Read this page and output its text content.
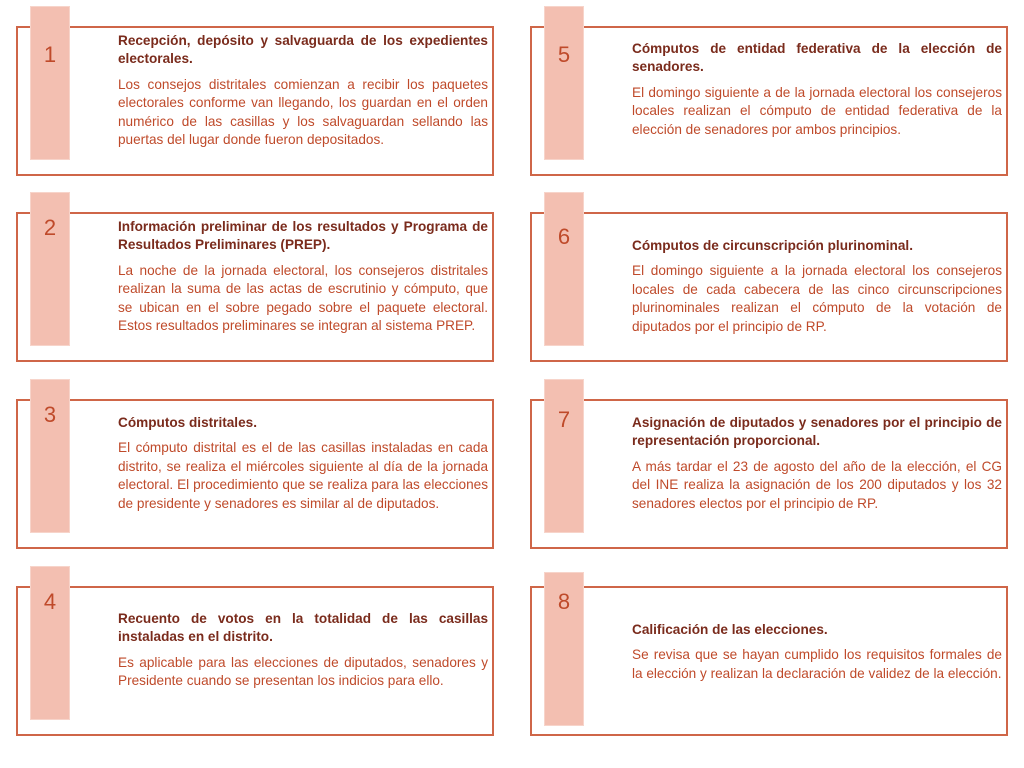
1

Recepción, depósito y salvaguarda de los expedientes electorales.

Los consejos distritales comienzan a recibir los paquetes electorales conforme van llegando, los guardan en el orden numérico de las casillas y los salvaguardan sellando las puertas del lugar donde fueron depositados.

2	Información preliminar de los resultados y Programa de Resultados Preliminares (PREP).

La noche de la jornada electoral, los consejeros distritales realizan la suma de las actas de escrutinio y cómputo, que se ubican en el sobre pegado sobre el paquete electoral. Estos resultados preliminares se integran al sistema PREP.

3	Cómputos distritales.

El cómputo distrital es el de las casillas instaladas en cada distrito, se realiza el miércoles siguiente al día de la jornada electoral. El procedimiento que se realiza para las elecciones de presidente y senadores es similar al de diputados.

4

Recuento de votos en la totalidad de las casillas instaladas en el distrito.

Es aplicable para las elecciones de diputados, senadores y Presidente cuando se presentan los indicios para ello.

5	Cómputos de entidad federativa de la elección de senadores.

El domingo siguiente a de la jornada electoral los consejeros locales realizan el cómputo de entidad federativa de la elección de senadores por ambos principios.

6	Cómputos de circunscripción plurinominal.

El domingo siguiente a la jornada electoral los consejeros locales de cada cabecera de las cinco circunscripciones plurinominales realizan el cómputo de la votación de diputados por el principio de RP.

7	Asignación de diputados y senadores por el principio de representación proporcional.

A más tardar el 23 de agosto del año de la elección, el CG del INE realiza la asignación de los 200 diputados y los 32 senadores electos por el principio de RP.

8

Calificación de las elecciones.

Se revisa que se hayan cumplido los requisitos formales de la elección y realizan la declaración de validez de la elección.
